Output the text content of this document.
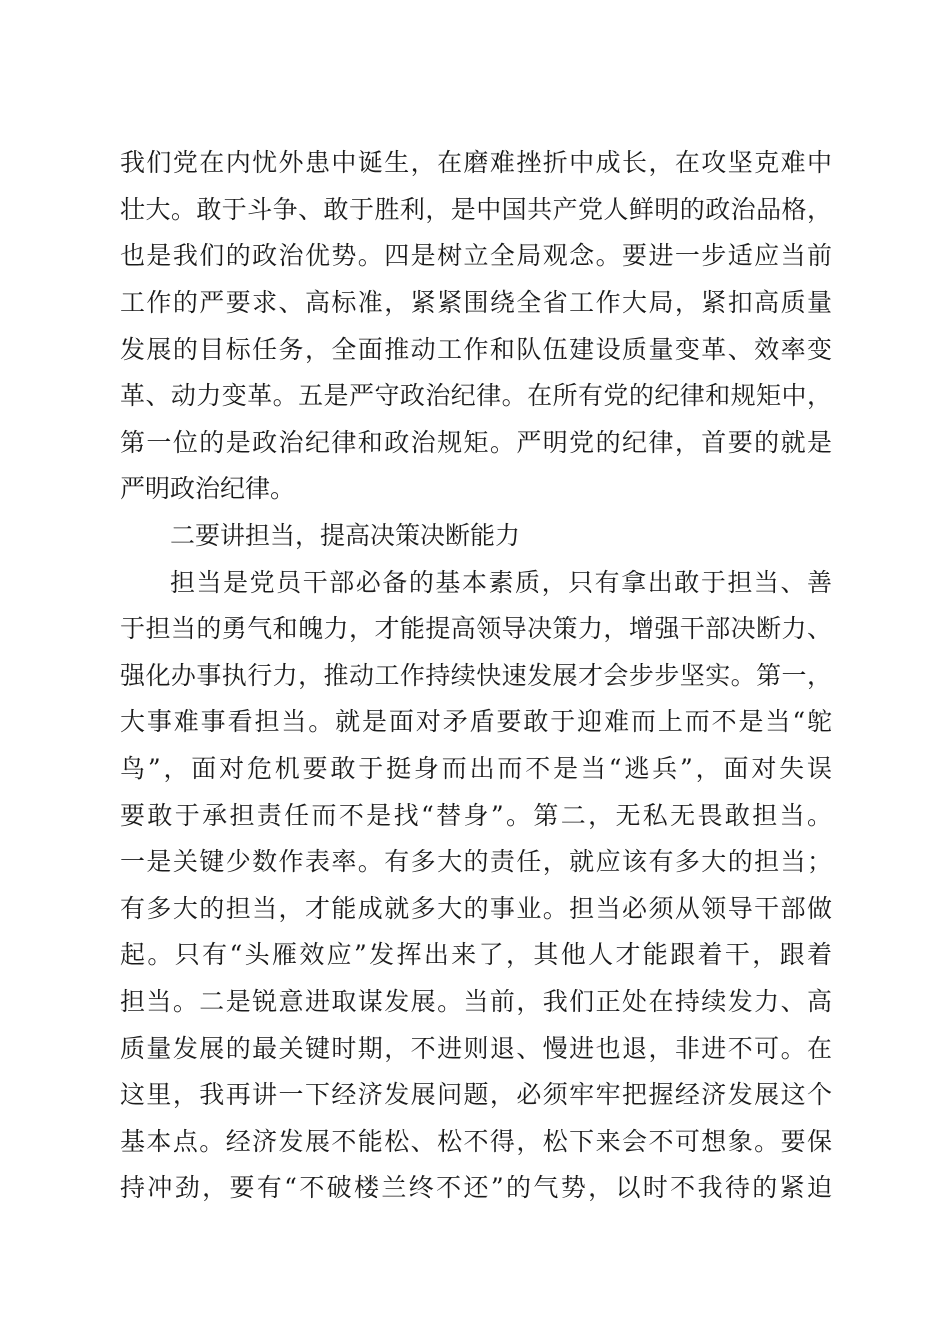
我们党在内忧外患中诞生，在磨难挫折中成长，在攻坚克难中
壮大。敢于斗争、敢于胜利，是中国共产党人鲜明的政治品格，
也是我们的政治优势。四是树立全局观念。要进一步适应当前
工作的严要求、高标准，紧紧围绕全省工作大局，紧扣高质量
发展的目标任务，全面推动工作和队伍建设质量变革、效率变
革、动力变革。五是严守政治纪律。在所有党的纪律和规矩中，
第一位的是政治纪律和政治规矩。严明党的纪律，首要的就是
严明政治纪律。
二要讲担当，提高决策决断能力
担当是党员干部必备的基本素质，只有拿出敢于担当、善
于担当的勇气和魄力，才能提高领导决策力，增强干部决断力、
强化办事执行力，推动工作持续快速发展才会步步坚实。第一，
大事难事看担当。就是面对矛盾要敢于迎难而上而不是当“鸵
鸟”，面对危机要敢于挺身而出而不是当“逃兵”，面对失误
要敢于承担责任而不是找“替身”。第二，无私无畏敢担当。
一是关键少数作表率。有多大的责任，就应该有多大的担当；
有多大的担当，才能成就多大的事业。担当必须从领导干部做
起。只有“头雁效应”发挥出来了，其他人才能跟着干，跟着
担当。二是锐意进取谋发展。当前，我们正处在持续发力、高
质量发展的最关键时期，不进则退、慢进也退，非进不可。在
这里，我再讲一下经济发展问题，必须牢牢把握经济发展这个
基本点。经济发展不能松、松不得，松下来会不可想象。要保
持冲劲，要有“不破楼兰终不还”的气势，以时不我待的紧迫
